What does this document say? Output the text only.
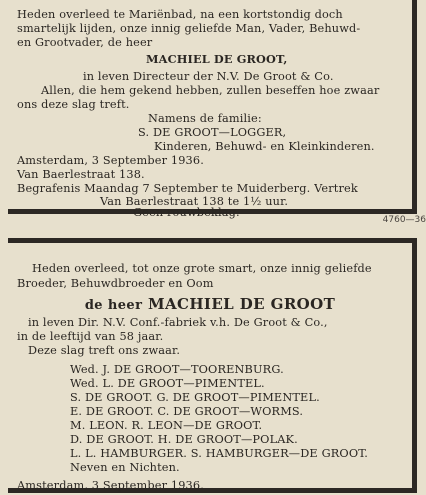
Heden overleed te Mariënbad, na een kortstondig doch
smartelijk lijden, onze innig geliefde Man, Vader, Behuwd-
en Grootvader, de heer
MACHIEL DE GROOT,
in leven Directeur der N.V. De Groot & Co.
Allen, die hem gekend hebben, zullen beseffen hoe zwaar
ons deze slag treft.
Namens de familie:
S. DE GROOT—LOGGER,
Kinderen, Behuwd- en Kleinkinderen.
Amsterdam, 3 September 1936.
Van Baerlestraat 138.
Begrafenis Maandag 7 September te Muiderberg. Vertrek
Van Baerlestraat 138 te 1½ uur.
Geen rouwbeklag.
4760—36
Heden overleed, tot onze grote smart, onze innig geliefde
Broeder, Behuwdbroeder en Oom
de heer MACHIEL DE GROOT
in leven Dir. N.V. Conf.-fabriek v.h. De Groot & Co.,
in de leeftijd van 58 jaar.
Deze slag treft ons zwaar.
Wed. J. DE GROOT—TOORENBURG.
Wed. L. DE GROOT—PIMENTEL.
S. DE GROOT. G. DE GROOT—PIMENTEL.
E. DE GROOT. C. DE GROOT—WORMS.
M. LEON. R. LEON—DE GROOT.
D. DE GROOT. H. DE GROOT—POLAK.
L. L. HAMBURGER. S. HAMBURGER—DE GROOT.
Neven en Nichten.
Amsterdam, 3 September 1936.
